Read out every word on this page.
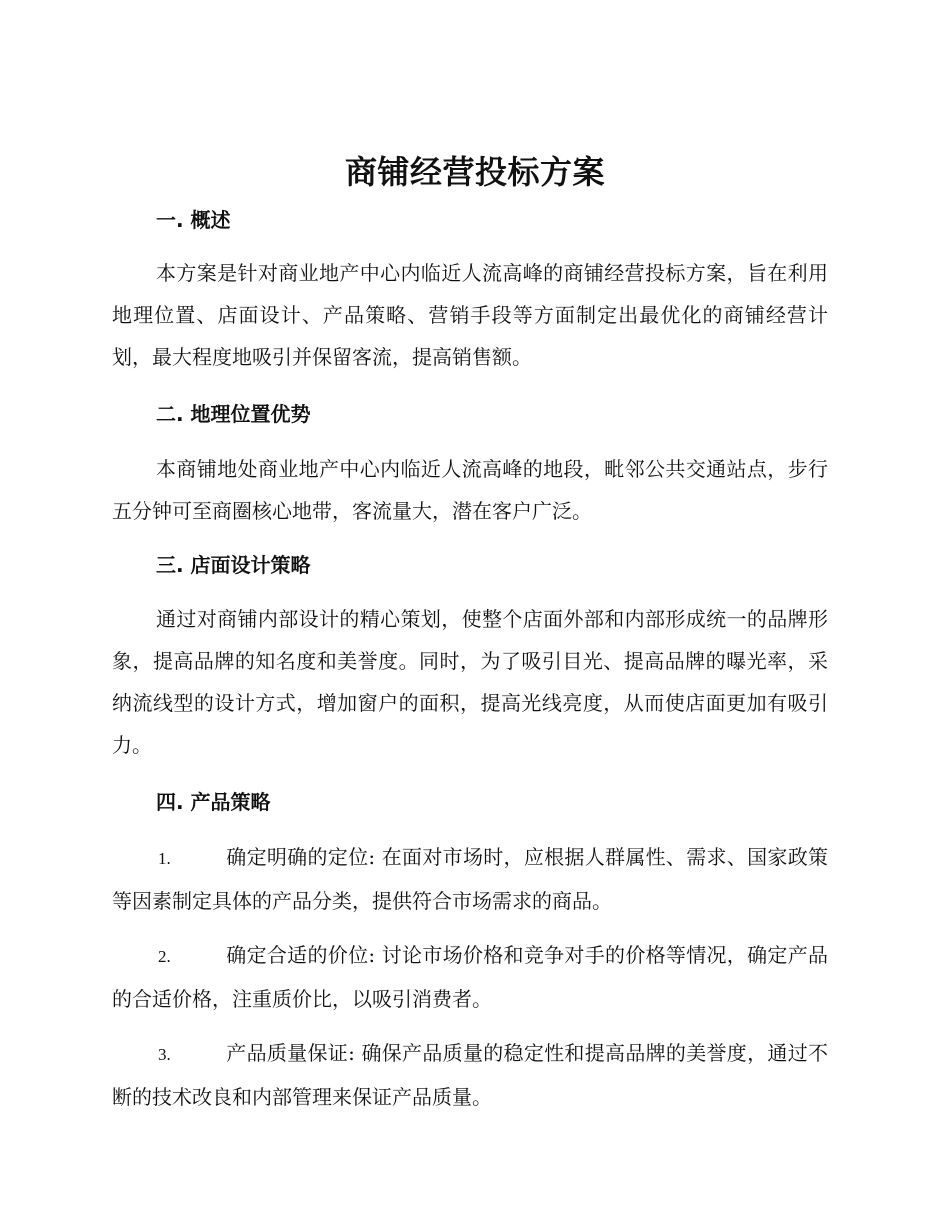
商铺经营投标方案
一. 概述

本方案是针对商业地产中心内临近人流高峰的商铺经营投标方案，旨在利用地理位置、店面设计、产品策略、营销手段等方面制定出最优化的商铺经营计划，最大程度地吸引并保留客流，提高销售额。

二. 地理位置优势

本商铺地处商业地产中心内临近人流高峰的地段，毗邻公共交通站点，步行五分钟可至商圈核心地带，客流量大，潜在客户广泛。

三. 店面设计策略

通过对商铺内部设计的精心策划，使整个店面外部和内部形成统一的品牌形象，提高品牌的知名度和美誉度。同时，为了吸引目光、提高品牌的曝光率，采纳流线型的设计方式，增加窗户的面积，提高光线亮度，从而使店面更加有吸引力。

四. 产品策略

1.	确定明确的定位: 在面对市场时，应根据人群属性、需求、国家政策等因素制定具体的产品分类，提供符合市场需求的商品。

2.	确定合适的价位: 讨论市场价格和竞争对手的价格等情况，确定产品的合适价格，注重质价比，以吸引消费者。

3.	产品质量保证: 确保产品质量的稳定性和提高品牌的美誉度，通过不断的技术改良和内部管理来保证产品质量。
